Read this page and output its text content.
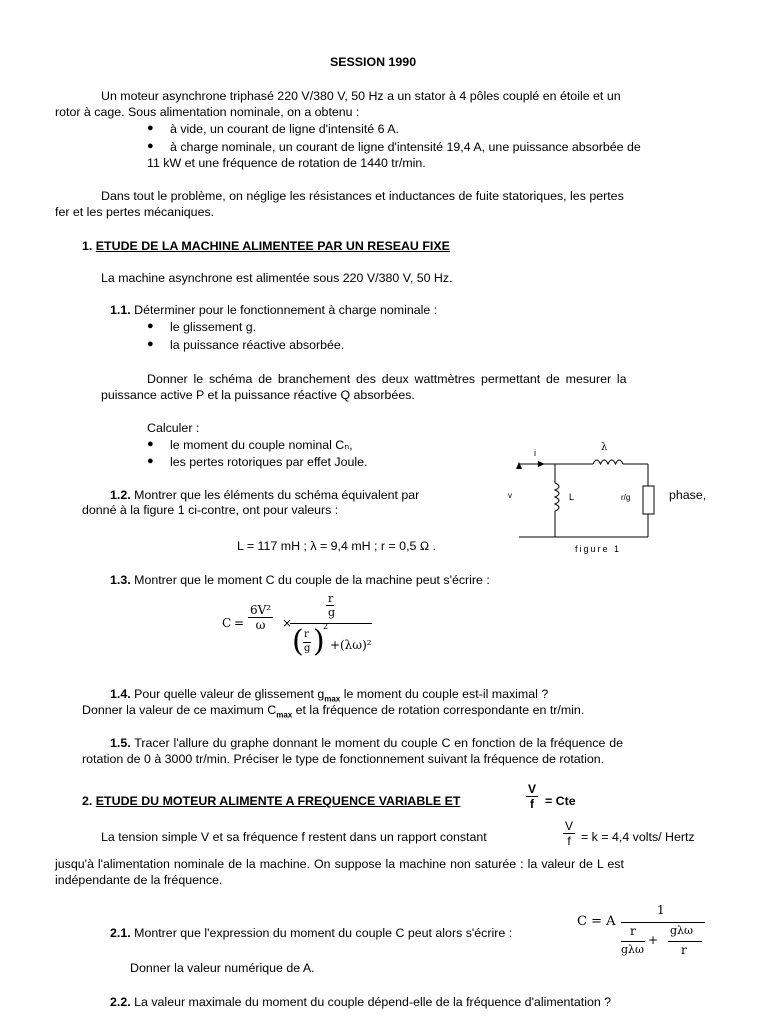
SESSION 1990
Un moteur asynchrone triphasé 220 V/380 V, 50 Hz a un stator à 4 pôles couplé en étoile et un
rotor à cage. Sous alimentation nominale, on a obtenu :
● à vide, un courant de ligne d'intensité 6 A.
● à charge nominale, un courant de ligne d'intensité 19,4 A, une puissance absorbée de
11 kW et une fréquence de rotation de 1440 tr/min.
Dans tout le problème, on néglige les résistances et inductances de fuite statoriques, les pertes
fer et les pertes mécaniques.
1. ETUDE DE LA MACHINE ALIMENTEE PAR UN RESEAU FIXE
La machine asynchrone est alimentée sous 220 V/380 V, 50 Hz.
1.1. Déterminer pour le fonctionnement à charge nominale :
● le glissement g.
● la puissance réactive absorbée.
Donner le schéma de branchement des deux wattmètres permettant de mesurer la
puissance active P et la puissance réactive Q absorbées.
Calculer :
● le moment du couple nominal Cₙ,
● les pertes rotoriques par effet Joule.
1.2. Montrer que les éléments du schéma équivalent par	phase,
donné à la figure 1 ci-contre, ont pour valeurs :
L = 117 mH ; λ = 9,4 mH ; r = 0,5 Ω .
i	λ
L	r/g
v
figure 1
1.3. Montrer que le moment C du couple de la machine peut s'écrire :
$C = \frac{\text{6V²}}{\omega}$ ×
r
g
( r
g )
2
+ (λω)²
1.4. Pour quelle valeur de glissement $g_{max}$ le moment du couple est-il maximal ?
Donner la valeur de ce maximum $C_{max}$ et la fréquence de rotation correspondante en tr/min.
1.5. Tracer l'allure du graphe donnant le moment du couple C en fonction de la fréquence de
rotation de 0 à 3000 tr/min. Préciser le type de fonctionnement suivant la fréquence de rotation.
2. ETUDE DU MOTEUR ALIMENTE A FREQUENCE VARIABLE ET	$\frac{V}{f}$ = Cte
La tension simple V et sa fréquence f restent dans un rapport constant	$\frac{V}{f} = k = 4,4$ volts/ Hertz
jusqu'à l'alimentation nominale de la machine. On suppose la machine non saturée : la valeur de L est
indépendante de la fréquence.
2.1. Montrer que l'expression du moment du couple C peut alors s'écrire :
C = A
1
r
gλω
+
gλω
r
Donner la valeur numérique de A.
2.2. La valeur maximale du moment du couple dépend-elle de la fréquence d'alimentation ?
